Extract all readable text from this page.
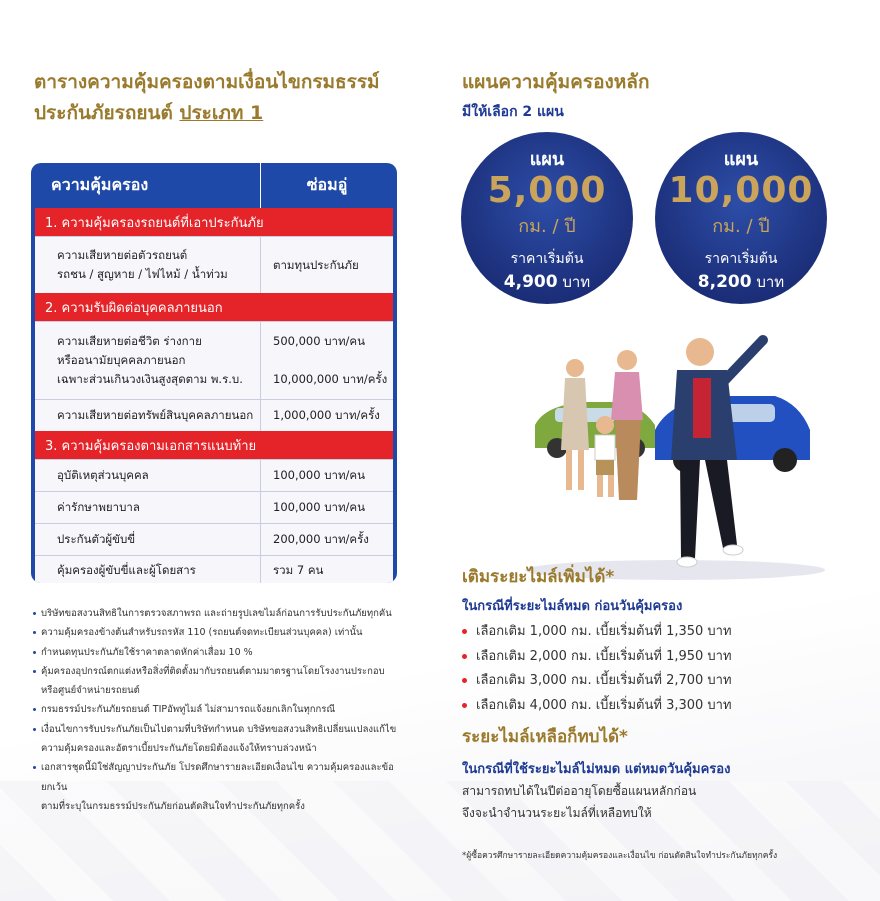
ตารางความคุ้มครองตามเงื่อนไขกรมธรรม์
ประกันภัยรถยนต์ ประเภท 1
ความคุ้มครอง	ซ่อมอู่
1. ความคุ้มครองรถยนต์ที่เอาประกันภัย
ความเสียหายต่อตัวรถยนต์
รถชน / สูญหาย / ไฟไหม้ / น้ำท่วม
ตามทุนประกันภัย
2. ความรับผิดต่อบุคคลภายนอก
ความเสียหายต่อชีวิต ร่างกาย
หรืออนามัยบุคคลภายนอก
เฉพาะส่วนเกินวงเงินสูงสุดตาม พ.ร.บ.
500,000 บาท/คน
10,000,000 บาท/ครั้ง
ความเสียหายต่อทรัพย์สินบุคคลภายนอก	1,000,000 บาท/ครั้ง
3. ความคุ้มครองตามเอกสารแนบท้าย
อุบัติเหตุส่วนบุคคล	100,000 บาท/คน
ค่ารักษาพยาบาล	100,000 บาท/คน
ประกันตัวผู้ขับขี่	200,000 บาท/ครั้ง
คุ้มครองผู้ขับขี่และผู้โดยสาร	รวม 7 คน
บริษัทขอสงวนสิทธิในการตรวจสภาพรถ และถ่ายรูปเลขไมล์ก่อนการรับประกันภัยทุกคัน
ความคุ้มครองข้างต้นสำหรับรถรหัส 110 (รถยนต์จดทะเบียนส่วนบุคคล) เท่านั้น
กำหนดทุนประกันภัยใช้ราคาตลาดหักค่าเสื่อม 10 %
คุ้มครองอุปกรณ์ตกแต่งหรือสิ่งที่ติดตั้งมากับรถยนต์ตามมาตรฐานโดยโรงงานประกอบ
หรือศูนย์จำหน่ายรถยนต์
กรมธรรม์ประกันภัยรถยนต์ TIPอัพทูไมล์ ไม่สามารถแจ้งยกเลิกในทุกกรณี
เงื่อนไขการรับประกันภัยเป็นไปตามที่บริษัทกำหนด บริษัทขอสงวนสิทธิเปลี่ยนแปลงแก้ไข
ความคุ้มครองและอัตราเบี้ยประกันภัยโดยมิต้องแจ้งให้ทราบล่วงหน้า
เอกสารชุดนี้มิใช่สัญญาประกันภัย โปรดศึกษารายละเอียดเงื่อนไข ความคุ้มครองและข้อยกเว้น
ตามที่ระบุในกรมธรรม์ประกันภัยก่อนตัดสินใจทำประกันภัยทุกครั้ง
แผนความคุ้มครองหลัก
มีให้เลือก 2 แผน
แผน
5,000
กม. / ปี
ราคาเริ่มต้น
4,900 บาท
แผน
10,000
กม. / ปี
ราคาเริ่มต้น
8,200 บาท
เติมระยะไมล์เพิ่มได้*
ในกรณีที่ระยะไมล์หมด ก่อนวันคุ้มครอง
เลือกเติม 1,000 กม. เบี้ยเริ่มต้นที่ 1,350 บาท
เลือกเติม 2,000 กม. เบี้ยเริ่มต้นที่ 1,950 บาท
เลือกเติม 3,000 กม. เบี้ยเริ่มต้นที่ 2,700 บาท
เลือกเติม 4,000 กม. เบี้ยเริ่มต้นที่ 3,300 บาท
ระยะไมล์เหลือก็ทบได้*
ในกรณีที่ใช้ระยะไมล์ไม่หมด แต่หมดวันคุ้มครอง
สามารถทบได้ในปีต่ออายุโดยซื้อแผนหลักก่อน
จึงจะนำจำนวนระยะไมล์ที่เหลือทบให้
*ผู้ซื้อควรศึกษารายละเอียดความคุ้มครองและเงื่อนไข ก่อนตัดสินใจทำประกันภัยทุกครั้ง
